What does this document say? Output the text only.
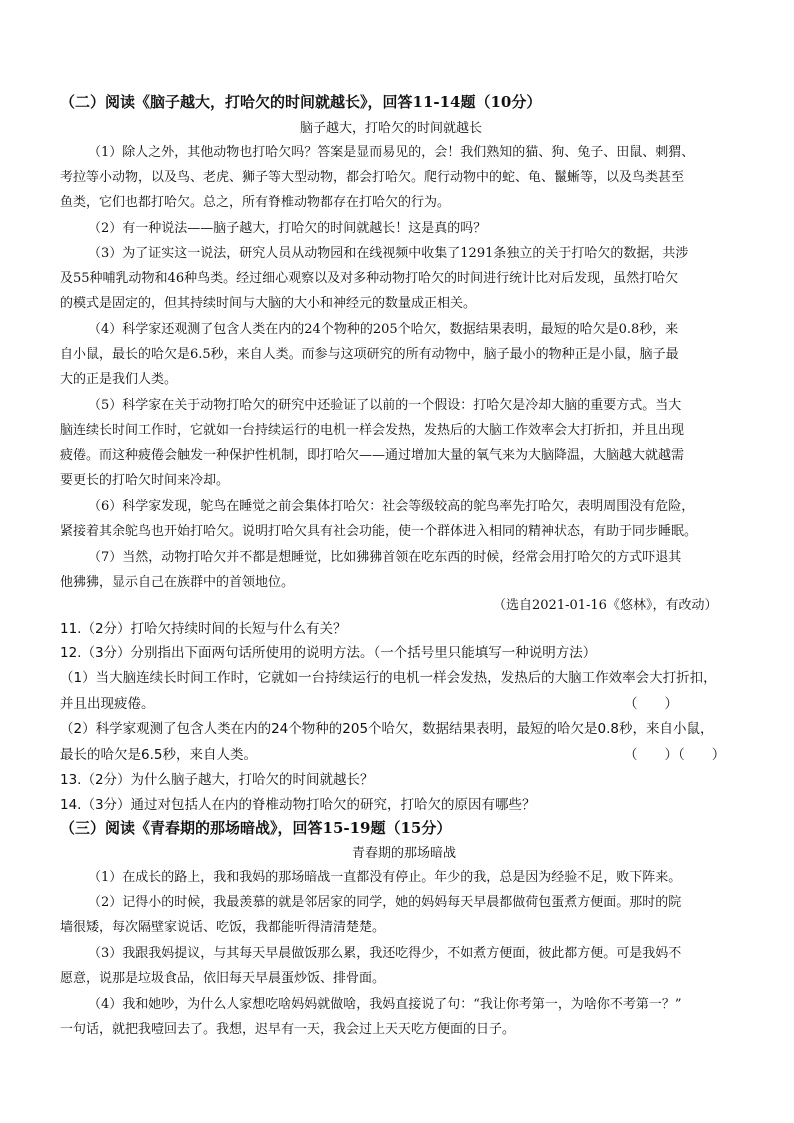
（二）阅读《脑子越大，打哈欠的时间就越长》，回答11-14题（10分）
脑子越大，打哈欠的时间就越长
（1）除人之外，其他动物也打哈欠吗？答案是显而易见的，会！我们熟知的猫、狗、兔子、田鼠、刺猬、
考拉等小动物，以及鸟、老虎、狮子等大型动物，都会打哈欠。爬行动物中的蛇、龟、鬣蜥等，以及鸟类甚至
鱼类，它们也都打哈欠。总之，所有脊椎动物都存在打哈欠的行为。
（2）有一种说法——脑子越大，打哈欠的时间就越长！这是真的吗？
（3）为了证实这一说法，研究人员从动物园和在线视频中收集了1291条独立的关于打哈欠的数据，共涉
及55种哺乳动物和46种鸟类。经过细心观察以及对多种动物打哈欠的时间进行统计比对后发现，虽然打哈欠
的模式是固定的，但其持续时间与大脑的大小和神经元的数量成正相关。
（4）科学家还观测了包含人类在内的24个物种的205个哈欠，数据结果表明，最短的哈欠是0.8秒，来
自小鼠，最长的哈欠是6.5秒，来自人类。而参与这项研究的所有动物中，脑子最小的物种正是小鼠，脑子最
大的正是我们人类。
（5）科学家在关于动物打哈欠的研究中还验证了以前的一个假设：打哈欠是冷却大脑的重要方式。当大
脑连续长时间工作时，它就如一台持续运行的电机一样会发热，发热后的大脑工作效率会大打折扣，并且出现
疲倦。而这种疲倦会触发一种保护性机制，即打哈欠——通过增加大量的氧气来为大脑降温，大脑越大就越需
要更长的打哈欠时间来冷却。
（6）科学家发现，鸵鸟在睡觉之前会集体打哈欠：社会等级较高的鸵鸟率先打哈欠，表明周围没有危险，
紧接着其余鸵鸟也开始打哈欠。说明打哈欠具有社会功能，使一个群体进入相同的精神状态，有助于同步睡眠。
（7）当然，动物打哈欠并不都是想睡觉，比如狒狒首领在吃东西的时候，经常会用打哈欠的方式吓退其
他狒狒，显示自己在族群中的首领地位。
（选自2021-01-16《悠林》，有改动）
11.（2分）打哈欠持续时间的长短与什么有关？
12.（3分）分别指出下面两句话所使用的说明方法。（一个括号里只能填写一种说明方法）
（1）当大脑连续长时间工作时，它就如一台持续运行的电机一样会发热，发热后的大脑工作效率会大打折扣，
并且出现疲倦。	（　　）
（2）科学家观测了包含人类在内的24个物种的205个哈欠，数据结果表明，最短的哈欠是0.8秒，来自小鼠，
最长的哈欠是6.5秒，来自人类。	（　　）（　　）
13.（2分）为什么脑子越大，打哈欠的时间就越长？
14.（3分）通过对包括人在内的脊椎动物打哈欠的研究，打哈欠的原因有哪些？
（三）阅读《青春期的那场暗战》，回答15-19题（15分）
青春期的那场暗战
（1）在成长的路上，我和我妈的那场暗战一直都没有停止。年少的我，总是因为经验不足，败下阵来。
（2）记得小的时候，我最羡慕的就是邻居家的同学，她的妈妈每天早晨都做荷包蛋煮方便面。那时的院
墙很矮，每次隔壁家说话、吃饭，我都能听得清清楚楚。
（3）我跟我妈提议，与其每天早晨做饭那么累，我还吃得少，不如煮方便面，彼此都方便。可是我妈不
愿意，说那是垃圾食品，依旧每天早晨蛋炒饭、排骨面。
（4）我和她吵，为什么人家想吃啥妈妈就做啥，我妈直接说了句：“我让你考第一，为啥你不考第一？”
一句话，就把我噎回去了。我想，迟早有一天，我会过上天天吃方便面的日子。
